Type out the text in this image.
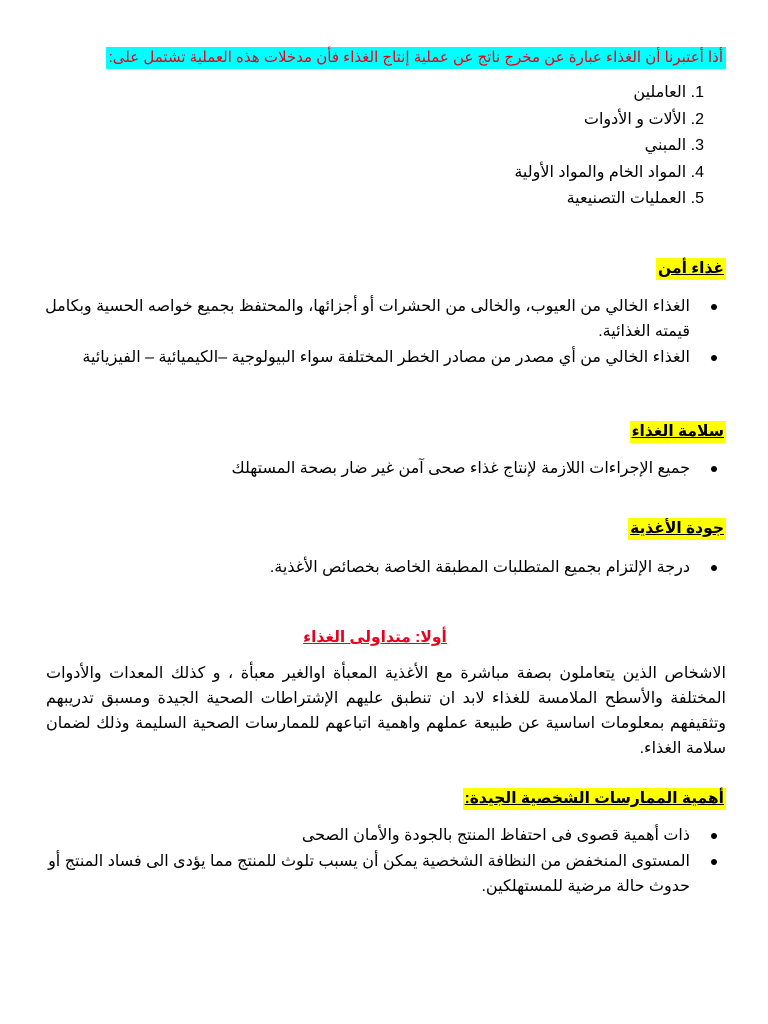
أذا أعتبرنا أن الغذاء عبارة عن مخرج ناتج عن عملية إنتاج الغذاء فأن مدخلات هذه العملية تشتمل على:
1. العاملين
2. الألات و الأدوات
3. المبني
4. المواد الخام والمواد الأولية
5. العمليات التصنيعية
غذاء أمن
الغذاء الخالي من العيوب، والخالى من الحشرات أو أجزائها، والمحتفظ بجميع خواصه الحسية وبكامل قيمته الغذائية.
الغذاء الخالي من أي مصدر من مصادر الخطر المختلفة سواء البيولوجية –الكيميائية – الفيزيائية
سلامة الغذاء
جميع الإجراءات اللازمة لإنتاج غذاء صحى آمن غير ضار بصحة المستهلك
جودة الأغذية
درجة الإلتزام بجميع المتطلبات المطبقة الخاصة بخصائص الأغذية.
أولا: متداولى الغذاء

الاشخاص الذين يتعاملون بصفة مباشرة مع الأغذية المعبأة اوالغير معبأة ، و كذلك المعدات والأدوات المختلفة والأسطح الملامسة للغذاء لابد ان تنطبق عليهم الإشتراطات الصحية الجيدة ومسبق تدريبهم وتثقيفهم بمعلومات اساسية عن طبيعة عملهم واهمية اتباعهم للممارسات الصحية السليمة وذلك لضمان سلامة الغذاء.

أهمية الممارسات الشخصية الجيدة:
ذات أهمية قصوى فى احتفاظ المنتج بالجودة والأمان الصحى
المستوى المنخفض من النظافة الشخصية يمكن أن يسبب تلوث للمنتج مما يؤدى الى فساد المنتج أو حدوث حالة مرضية للمستهلكين.
